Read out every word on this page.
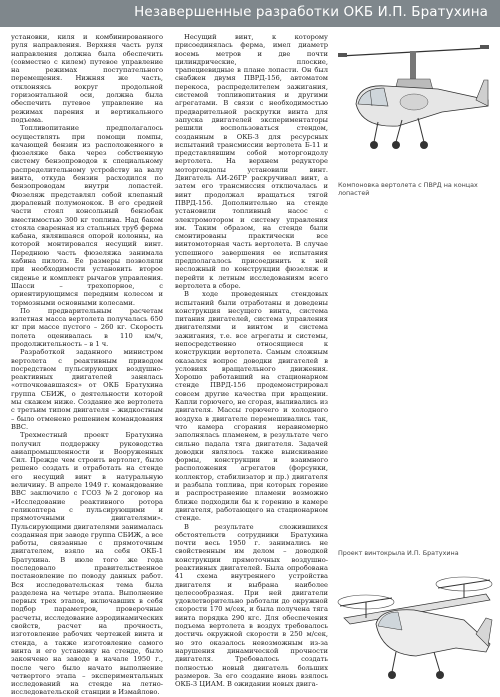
Незавершенные разработки ОКБ И.П. Братухина

установки, киля и комбинированного руля направления. Верхняя часть руля направления должна была обеспечить (совместно с килем) путевое управление на режимах поступательного перемещения. Нижняя же часть, отклоняясь вокруг продольной горизонтальной оси, должна была обеспечить путевое управление на режимах парения и вертикального подъема.

Топливопитание предполагалось осуществлять при помощи помпы, качающей бензин из расположенного в фюзеляже бака через собственную систему бензопроводов к специальному распределительному устройству на валу винта, откуда бензин расходился по бензопроводам внутри лопастей. Фюзеляж представлял собой клепаный дюралевый полумонокок. В его средней части стоял консольный бензобак вместимостью 300 кг топлива. Над баком стояла сваренная из стальных труб ферма кабана, являвшаяся опорой колонны, на которой монтировался несущий винт. Переднюю часть фюзеляжа занимала кабина пилота. Ее размеры позволяли при необходимости установить второе сиденье и комплект рычагов управления. Шасси – трехопорное, с ориентирующимся передним колесом и тормозными основными колесами.

По предварительным расчетам взлетная масса вертолета получалась 650 кг при массе пустого – 260 кг. Скорость полета оценивалась в 110 км/ч, продолжительность – в 1 ч.

Разработкой заданного министром вертолета с реактивным приводом посредством пульсирующих воздушно-реактивных двигателей занялась «отпочковавшаяся» от ОКБ Братухина группа СБИЖ, о деятельности которой мы скажем ниже. Создание же вертолета с третьим типом двигателя – жидкостным – было отменено решением командования ВВС.

Трехместный проект Братухина получил поддержку руководства авиапромышленности и Вооруженных Сил. Прежде чем строить вертолет, было решено создать и отработать на стенде его несущий винт в натуральную величину. В апреле 1949 г. командование ВВС заключило с ГСОЗ №2 договор на «Исследование реактивного ротора геликоптера с пульсирующими и прямоточными двигателями». Пульсирующими двигателями занималась созданная при заводе группа СБИЖ, а все работы, связанные с прямоточным двигателем, взяло на себя ОКБ-1 Братухина. В июле того же года последовало правительственное постановление по поводу данных работ. Вся исследовательская тема была разделена на четыре этапа. Выполнение первых трех этапов, включавших в себя подбор параметров, проверочные расчеты, исследование аэродинамических свойств, расчет на прочность, изготовление рабочих чертежей винта и стенда, а также изготовление самого винта и его установку на стенде, было закончено на заводе в начале 1950 г., после чего было начато выполнение четвертого этапа – экспериментальных исследований на стенде на летно-исследовательской станции в Измайлово.

Несущий винт, к которому присоединялась ферма, имел диаметр восемь метров и две почти цилиндрические, плоские, трапециевидные в плане лопасти. Он был снабжен двумя ПВРД-156, автоматом перекоса, распределителем зажигания, системой топливопитания и другими агрегатами. В связи с необходимостью предварительной раскрутки винта для запуска двигателей экспериментаторы решили воспользоваться стендом, созданным в ОКБ-3 для ресурсных испытаний трансмиссии вертолета Б-11 и представлявшим собой моторгондолу вертолета. На верхнем редукторе моторгондолы установили винт. Двигатель АИ-26ГР раскручивал винт, а затем его трансмиссия отключалась и винт продолжал вращаться тягой ПВРД-156. Дополнительно на стенде установили топливный насос с электромотором и систему управления им. Таким образом, на стенде были смонтированы практически все винтомоторная часть вертолета. В случае успешного завершения ее испытания предполагалось присоединить к ней несложный по конструкции фюзеляж и перейти к летным исследованиям всего вертолета в сборе.

В ходе проведенных стендовых испытаний были отработаны и доведены конструкция несущего винта, система питания двигателей, система управления двигателями и винтом и система зажигания, т.е. все агрегаты и системы, непосредственно относящиеся к конструкции вертолета. Самым сложным оказался вопрос доводки двигателей в условиях вращательного движения. Хорошо работавший на стационарном стенде ПВРД-156 продемонстрировал совсем другие качества при вращении. Капли горючего, не сгорая, выливались из двигателя. Массы горючего и холодного воздуха в двигателе перемешивались так, что камера сгорания неравномерно заполнялась пламенем, в результате чего сильно падала тяга двигателя. Задачей доводки являлось также выискивание формы, конструкции и взаимного расположения агрегатов (форсунки, коллектор, стабилизатор и пр.) двигателя и разбыла топлива, при которых горение и распространение пламени возможно ближе подходили бы к горению в камере двигателя, работающего на стационарном стенде.

В результате сложившихся обстоятельств сотрудники Братухина почти весь 1950 г. занимались не свойственным им делом – доводкой конструкции прямоточных воздушно-реактивных двигателей. Была опробована 41 схема внутреннего устройства двигателя и выбрана наиболее целесообразная. При ней двигатели удовлетворительно работали до окружной скорости 170 м/сек, и была получена тяга винта порядка 290 кгс. Для обеспечения подъема вертолета в воздух требовалось достичь окружной скорости в 250 м/сек, но это оказалось невозможным из-за нарушения динамической прочности двигателя. Требовалось создать полностью новый двигатель больших размеров. За его создание вновь взялось ОКБ-3 ЦИАМ. В ожидании новых двига-

Компоновка вертолета с ПВРД на концах лопастей
Проект винтокрыла И.П. Братухина
